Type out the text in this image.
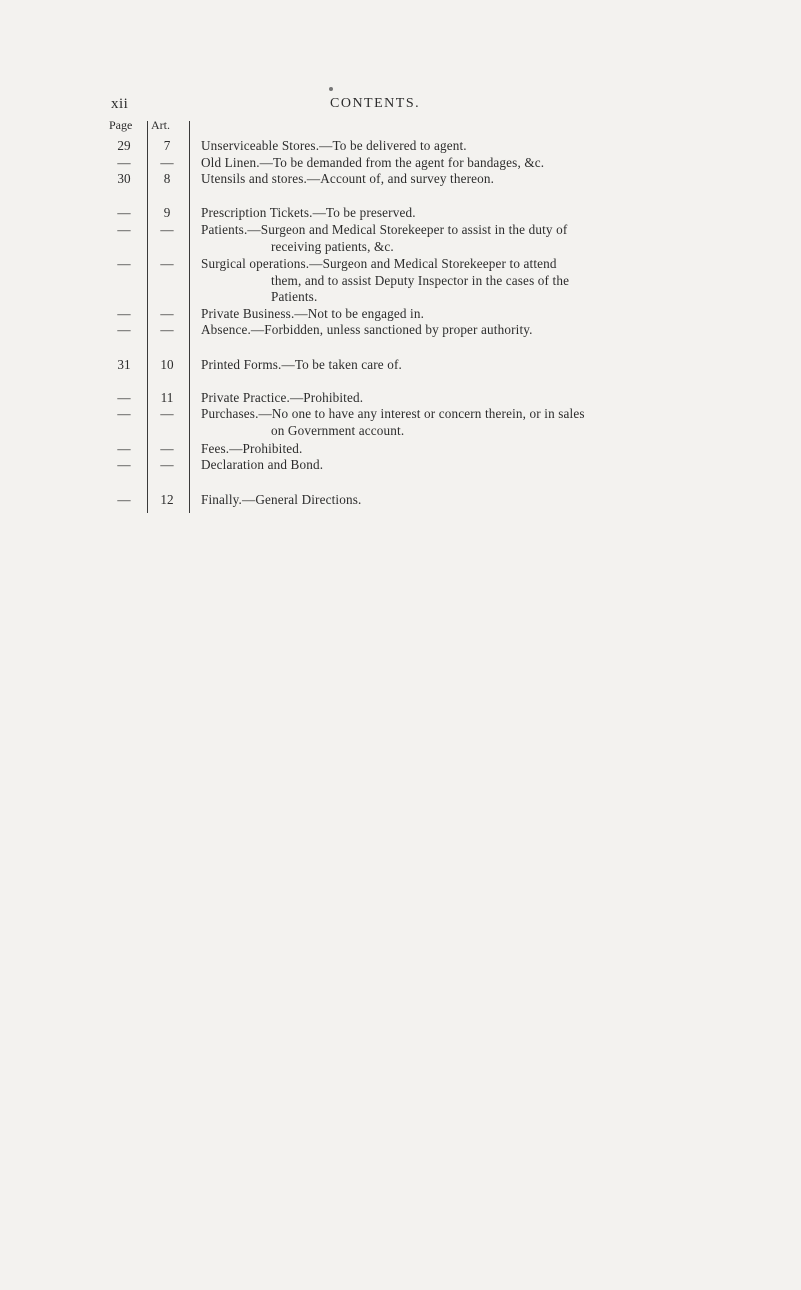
xii	CONTENTS.
Page Art.
29	7	Unserviceable Stores.—To be delivered to agent.
—	—	Old Linen.—To be demanded from the agent for bandages, &c.
30	8	Utensils and stores.—Account of, and survey thereon.
—	9	Prescription Tickets.—To be preserved.
—	—	Patients.—Surgeon and Medical Storekeeper to assist in the duty of
receiving patients, &c.
—	—	Surgical operations.—Surgeon and Medical Storekeeper to attend
them, and to assist Deputy Inspector in the cases of the
Patients.
—	—	Private Business.—Not to be engaged in.
—	—	Absence.—Forbidden, unless sanctioned by proper authority.
31	10	Printed Forms.—To be taken care of.
—	11	Private Practice.—Prohibited.
—	—	Purchases.—No one to have any interest or concern therein, or in sales
on Government account.
—	—	Fees.—Prohibited.
—	—	Declaration and Bond.
—	12	Finally.—General Directions.
